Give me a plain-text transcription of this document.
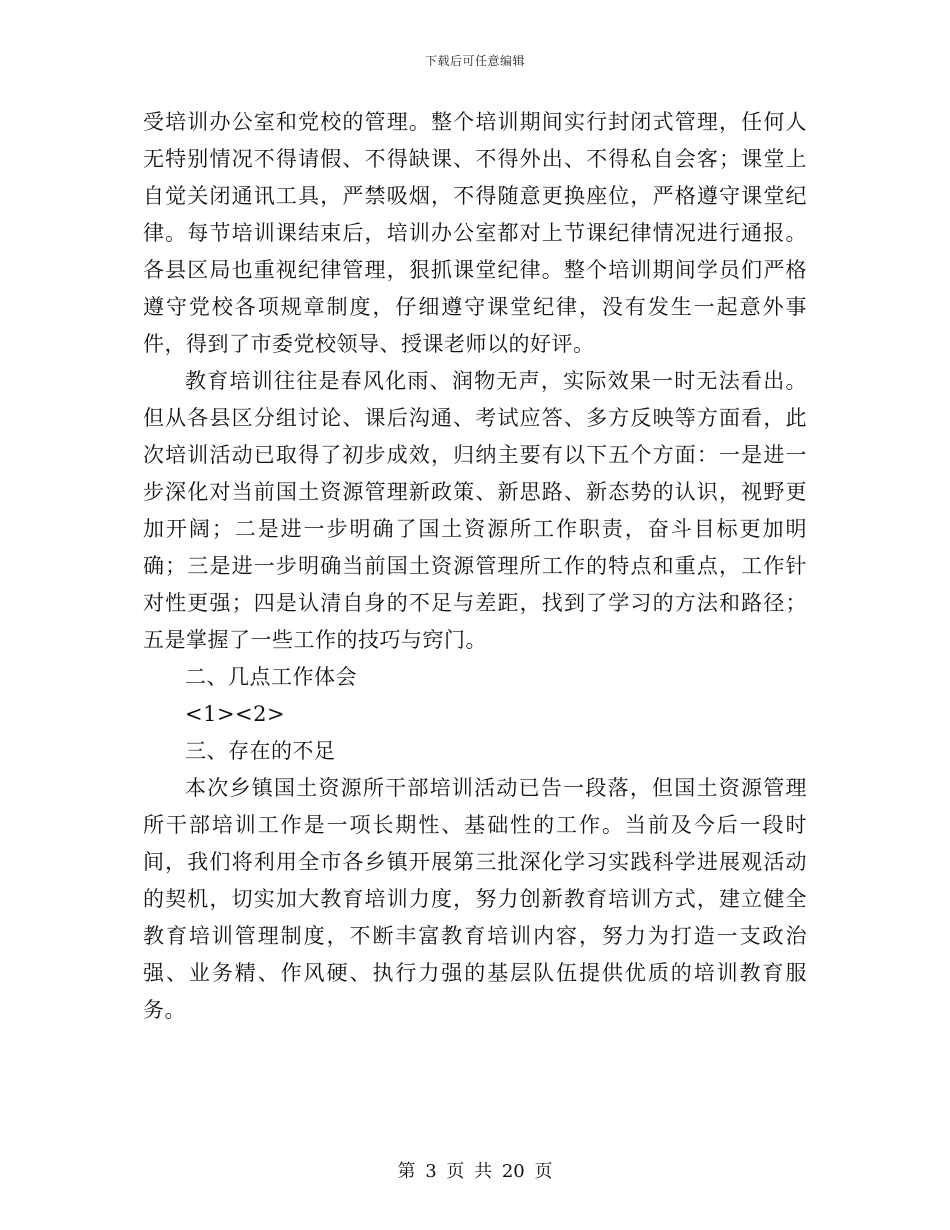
下载后可任意编辑

受培训办公室和党校的管理。整个培训期间实行封闭式管理，任何人无特别情况不得请假、不得缺课、不得外出、不得私自会客；课堂上自觉关闭通讯工具，严禁吸烟，不得随意更换座位，严格遵守课堂纪律。每节培训课结束后，培训办公室都对上节课纪律情况进行通报。各县区局也重视纪律管理，狠抓课堂纪律。整个培训期间学员们严格遵守党校各项规章制度，仔细遵守课堂纪律，没有发生一起意外事件，得到了市委党校领导、授课老师以的好评。

教育培训往往是春风化雨、润物无声，实际效果一时无法看出。但从各县区分组讨论、课后沟通、考试应答、多方反映等方面看，此次培训活动已取得了初步成效，归纳主要有以下五个方面：一是进一步深化对当前国土资源管理新政策、新思路、新态势的认识，视野更加开阔；二是进一步明确了国土资源所工作职责，奋斗目标更加明确；三是进一步明确当前国土资源管理所工作的特点和重点，工作针对性更强；四是认清自身的不足与差距，找到了学习的方法和路径；五是掌握了一些工作的技巧与窍门。

二、几点工作体会

<1><2>

三、存在的不足

本次乡镇国土资源所干部培训活动已告一段落，但国土资源管理所干部培训工作是一项长期性、基础性的工作。当前及今后一段时间，我们将利用全市各乡镇开展第三批深化学习实践科学进展观活动的契机，切实加大教育培训力度，努力创新教育培训方式，建立健全教育培训管理制度，不断丰富教育培训内容，努力为打造一支政治强、业务精、作风硬、执行力强的基层队伍提供优质的培训教育服务。

第 3 页 共 20 页
